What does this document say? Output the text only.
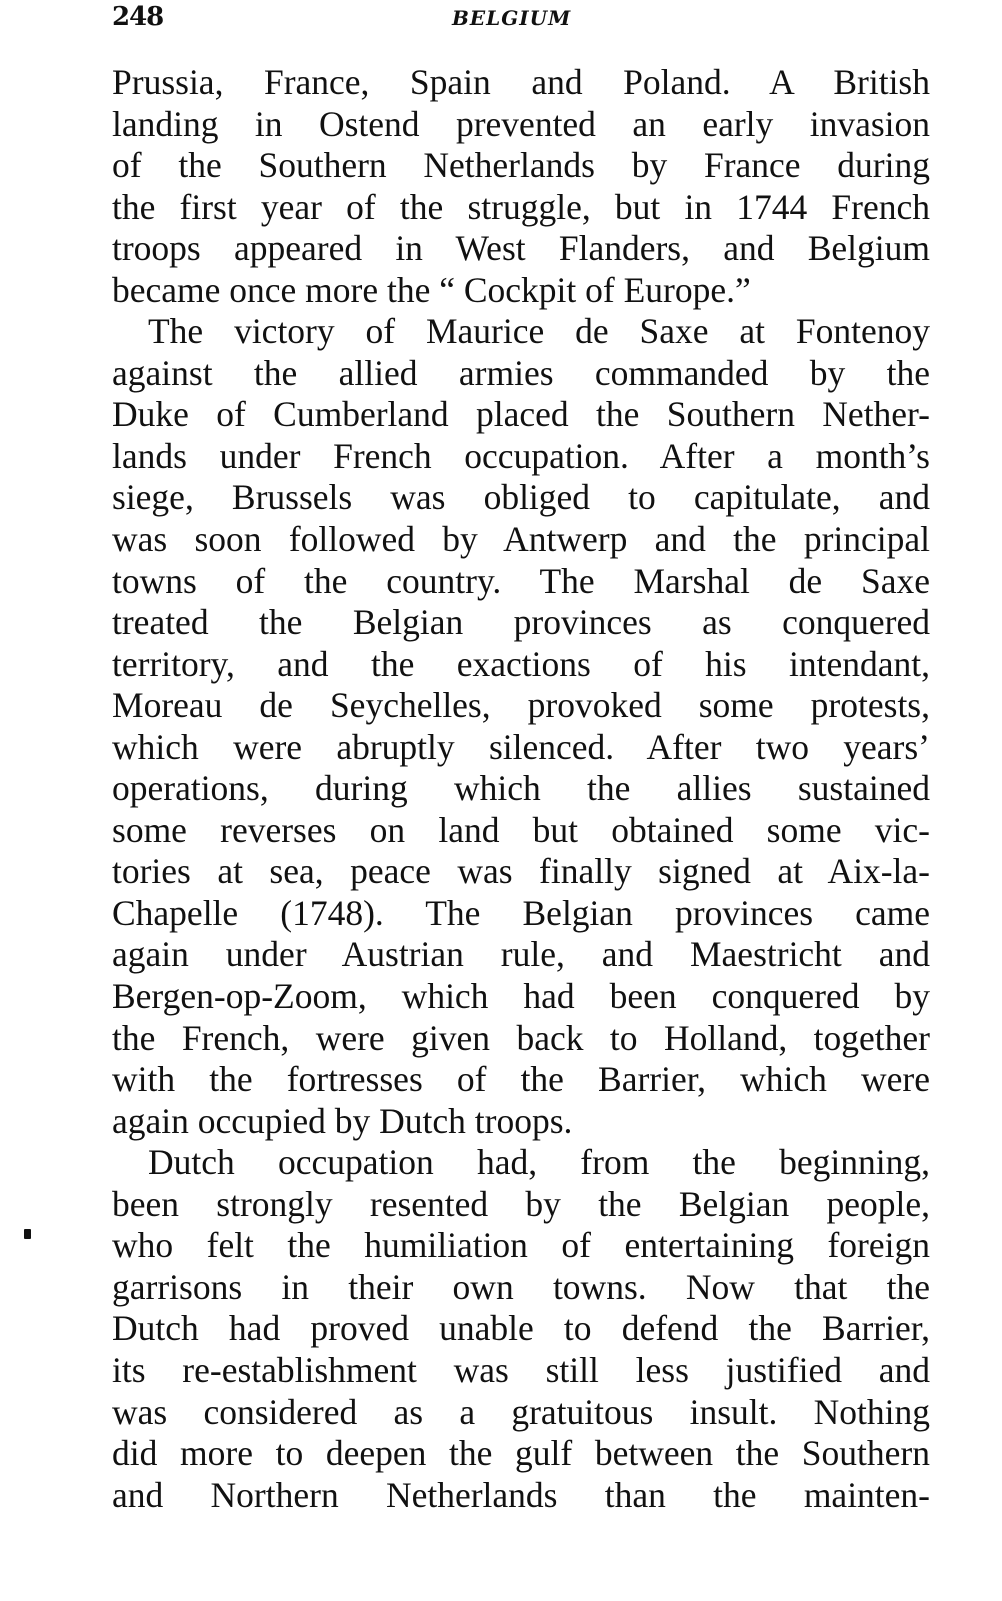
248	BELGIUM
Prussia, France, Spain and Poland. A British
landing in Ostend prevented an early invasion
of the Southern Netherlands by France during
the first year of the struggle, but in 1744 French
troops appeared in West Flanders, and Belgium
became once more the “ Cockpit of Europe.”
The victory of Maurice de Saxe at Fontenoy
against the allied armies commanded by the
Duke of Cumberland placed the Southern Nether-
lands under French occupation. After a month’s
siege, Brussels was obliged to capitulate, and
was soon followed by Antwerp and the principal
towns of the country. The Marshal de Saxe
treated the Belgian provinces as conquered
territory, and the exactions of his intendant,
Moreau de Seychelles, provoked some protests,
which were abruptly silenced. After two years’
operations, during which the allies sustained
some reverses on land but obtained some vic-
tories at sea, peace was finally signed at Aix-la-
Chapelle (1748). The Belgian provinces came
again under Austrian rule, and Maestricht and
Bergen-op-Zoom, which had been conquered by
the French, were given back to Holland, together
with the fortresses of the Barrier, which were
again occupied by Dutch troops.
Dutch occupation had, from the beginning,
been strongly resented by the Belgian people,
who felt the humiliation of entertaining foreign
garrisons in their own towns. Now that the
Dutch had proved unable to defend the Barrier,
its re-establishment was still less justified and
was considered as a gratuitous insult. Nothing
did more to deepen the gulf between the Southern
and Northern Netherlands than the mainten-
